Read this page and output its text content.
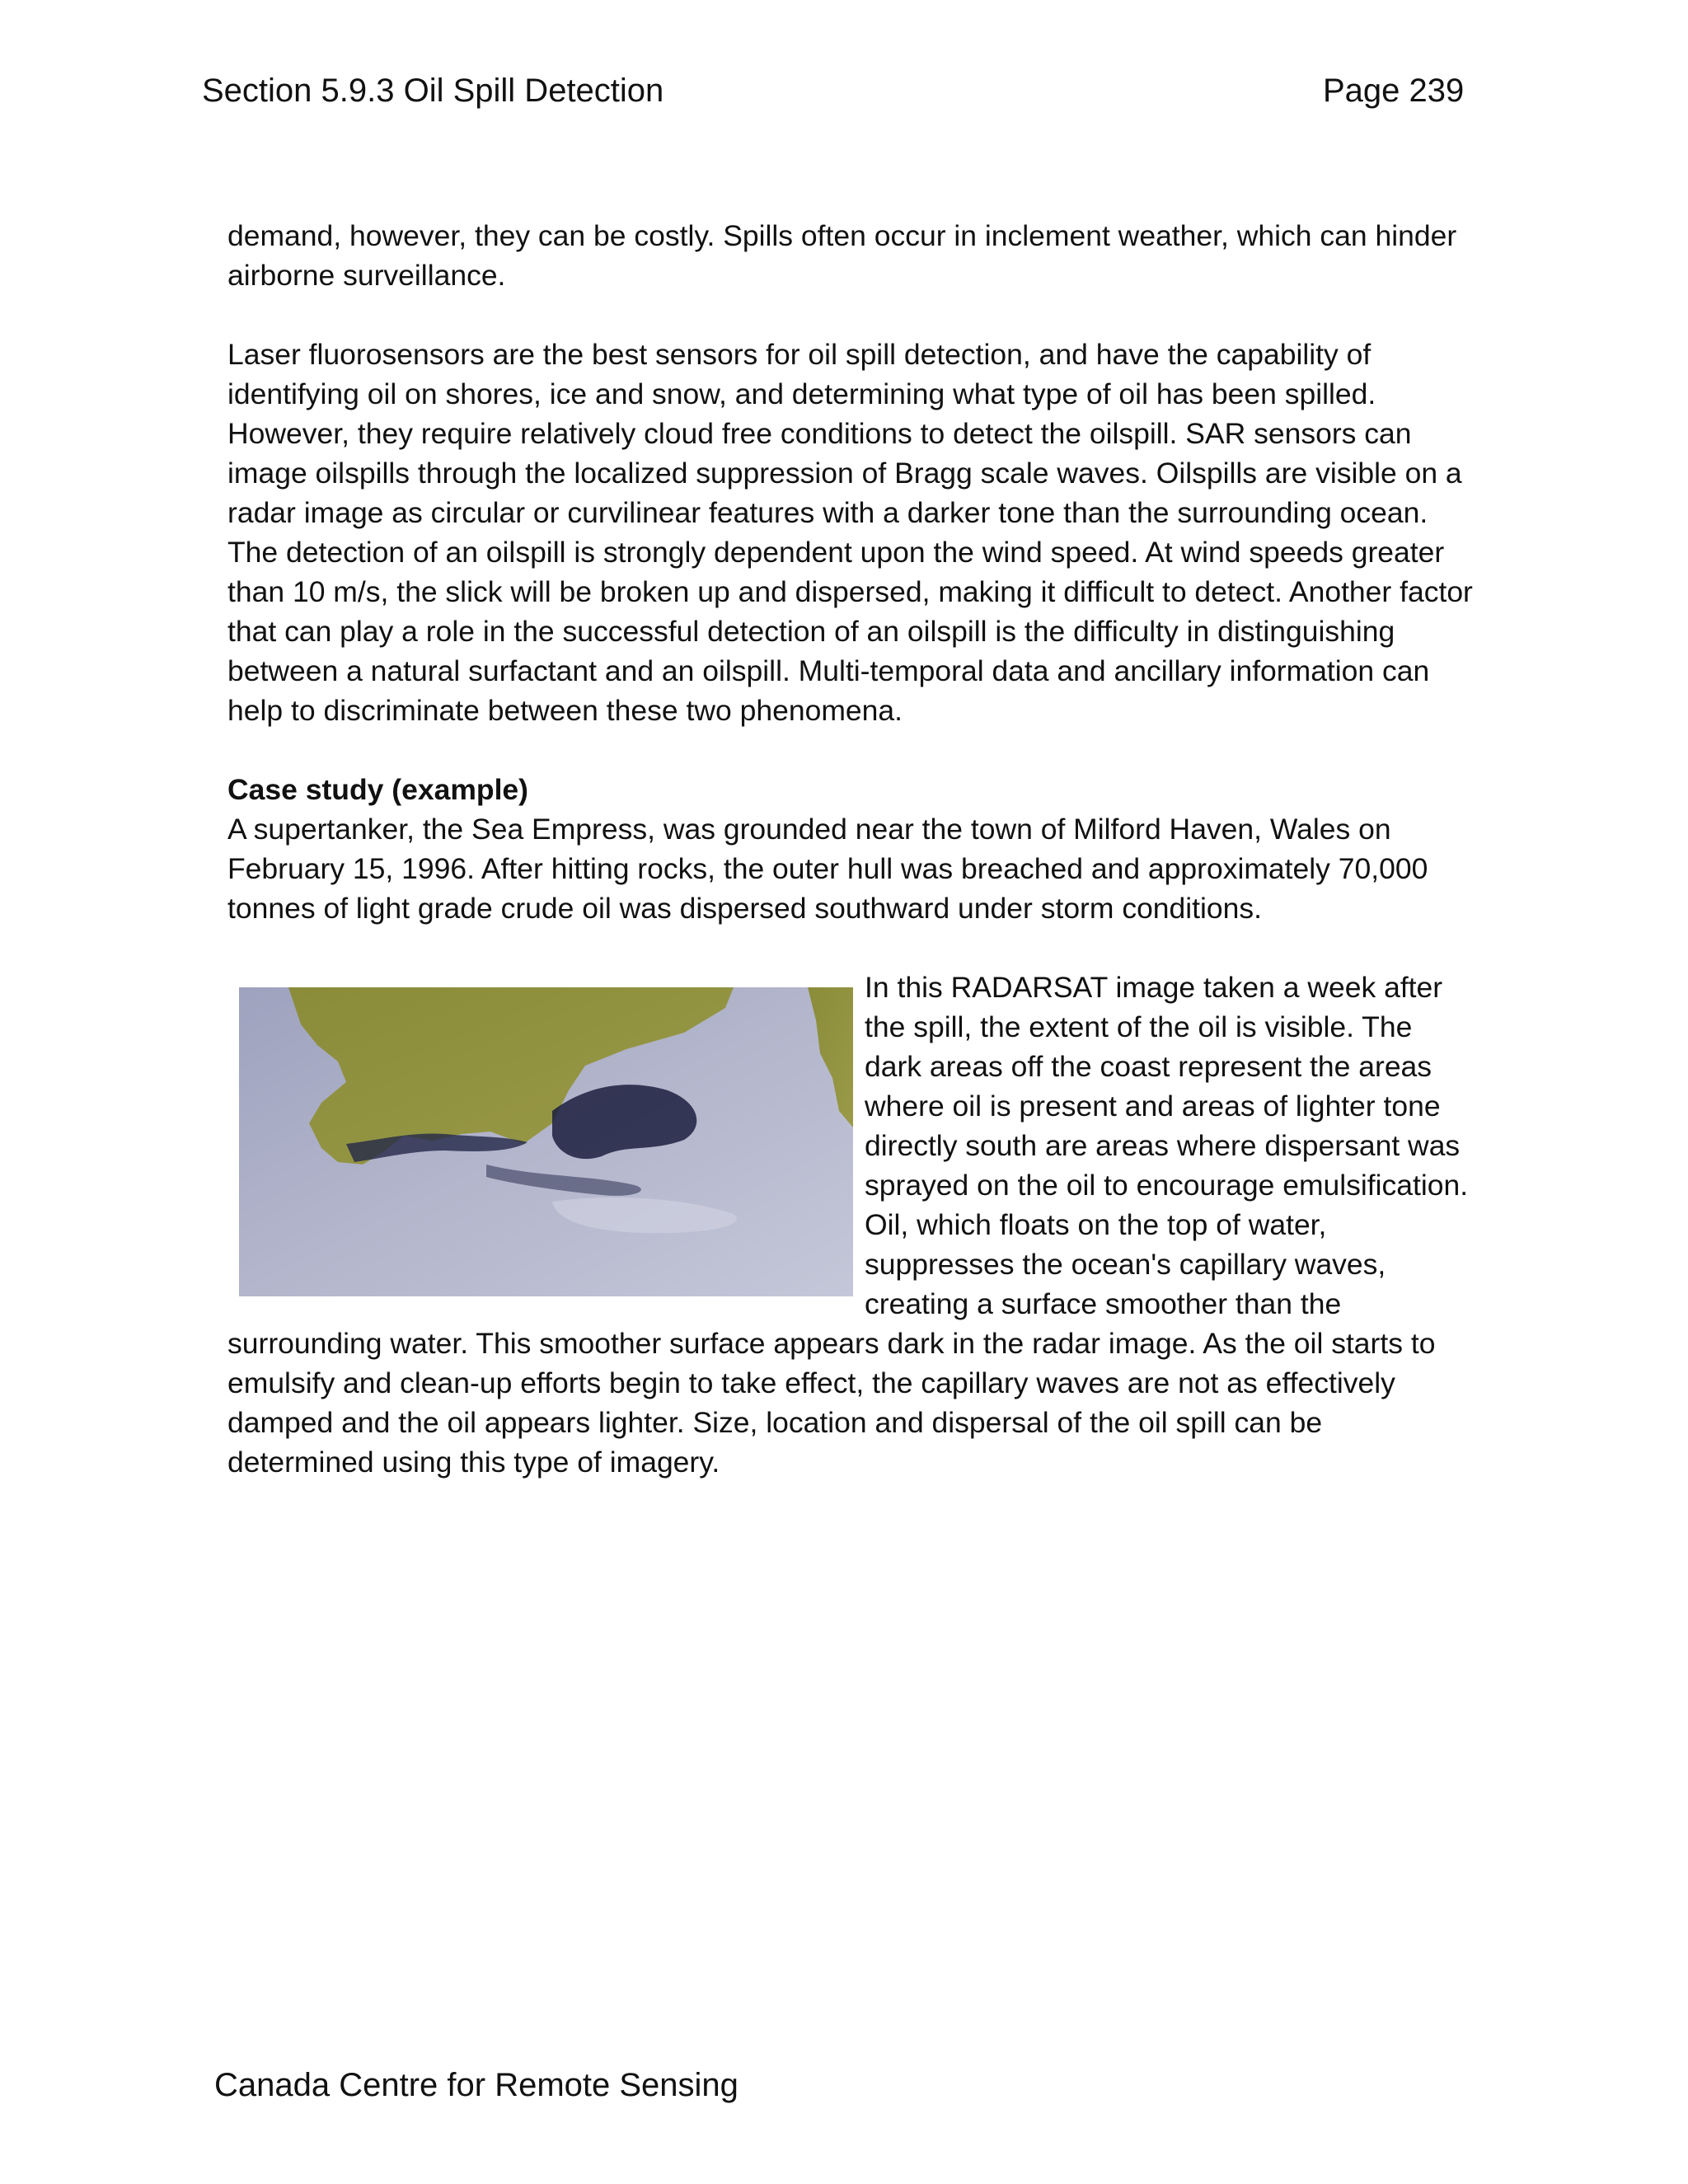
Section 5.9.3 Oil Spill Detection	Page 239

demand, however, they can be costly. Spills often occur in inclement weather, which can hinder airborne surveillance.

Laser fluorosensors are the best sensors for oil spill detection, and have the capability of identifying oil on shores, ice and snow, and determining what type of oil has been spilled. However, they require relatively cloud free conditions to detect the oilspill. SAR sensors can image oilspills through the localized suppression of Bragg scale waves. Oilspills are visible on a radar image as circular or curvilinear features with a darker tone than the surrounding ocean. The detection of an oilspill is strongly dependent upon the wind speed. At wind speeds greater than 10 m/s, the slick will be broken up and dispersed, making it difficult to detect. Another factor that can play a role in the successful detection of an oilspill is the difficulty in distinguishing between a natural surfactant and an oilspill. Multi-temporal data and ancillary information can help to discriminate between these two phenomena.

Case study (example)
A supertanker, the Sea Empress, was grounded near the town of Milford Haven, Wales on February 15, 1996. After hitting rocks, the outer hull was breached and approximately 70,000 tonnes of light grade crude oil was dispersed southward under storm conditions.

In this RADARSAT image taken a week after the spill, the extent of the oil is visible. The dark areas off the coast represent the areas where oil is present and areas of lighter tone directly south are areas where dispersant was sprayed on the oil to encourage emulsification. Oil, which floats on the top of water, suppresses the ocean's capillary waves, creating a surface smoother than the surrounding water. This smoother surface appears dark in the radar image. As the oil starts to emulsify and clean-up efforts begin to take effect, the capillary waves are not as effectively damped and the oil appears lighter. Size, location and dispersal of the oil spill can be determined using this type of imagery.

Canada Centre for Remote Sensing
